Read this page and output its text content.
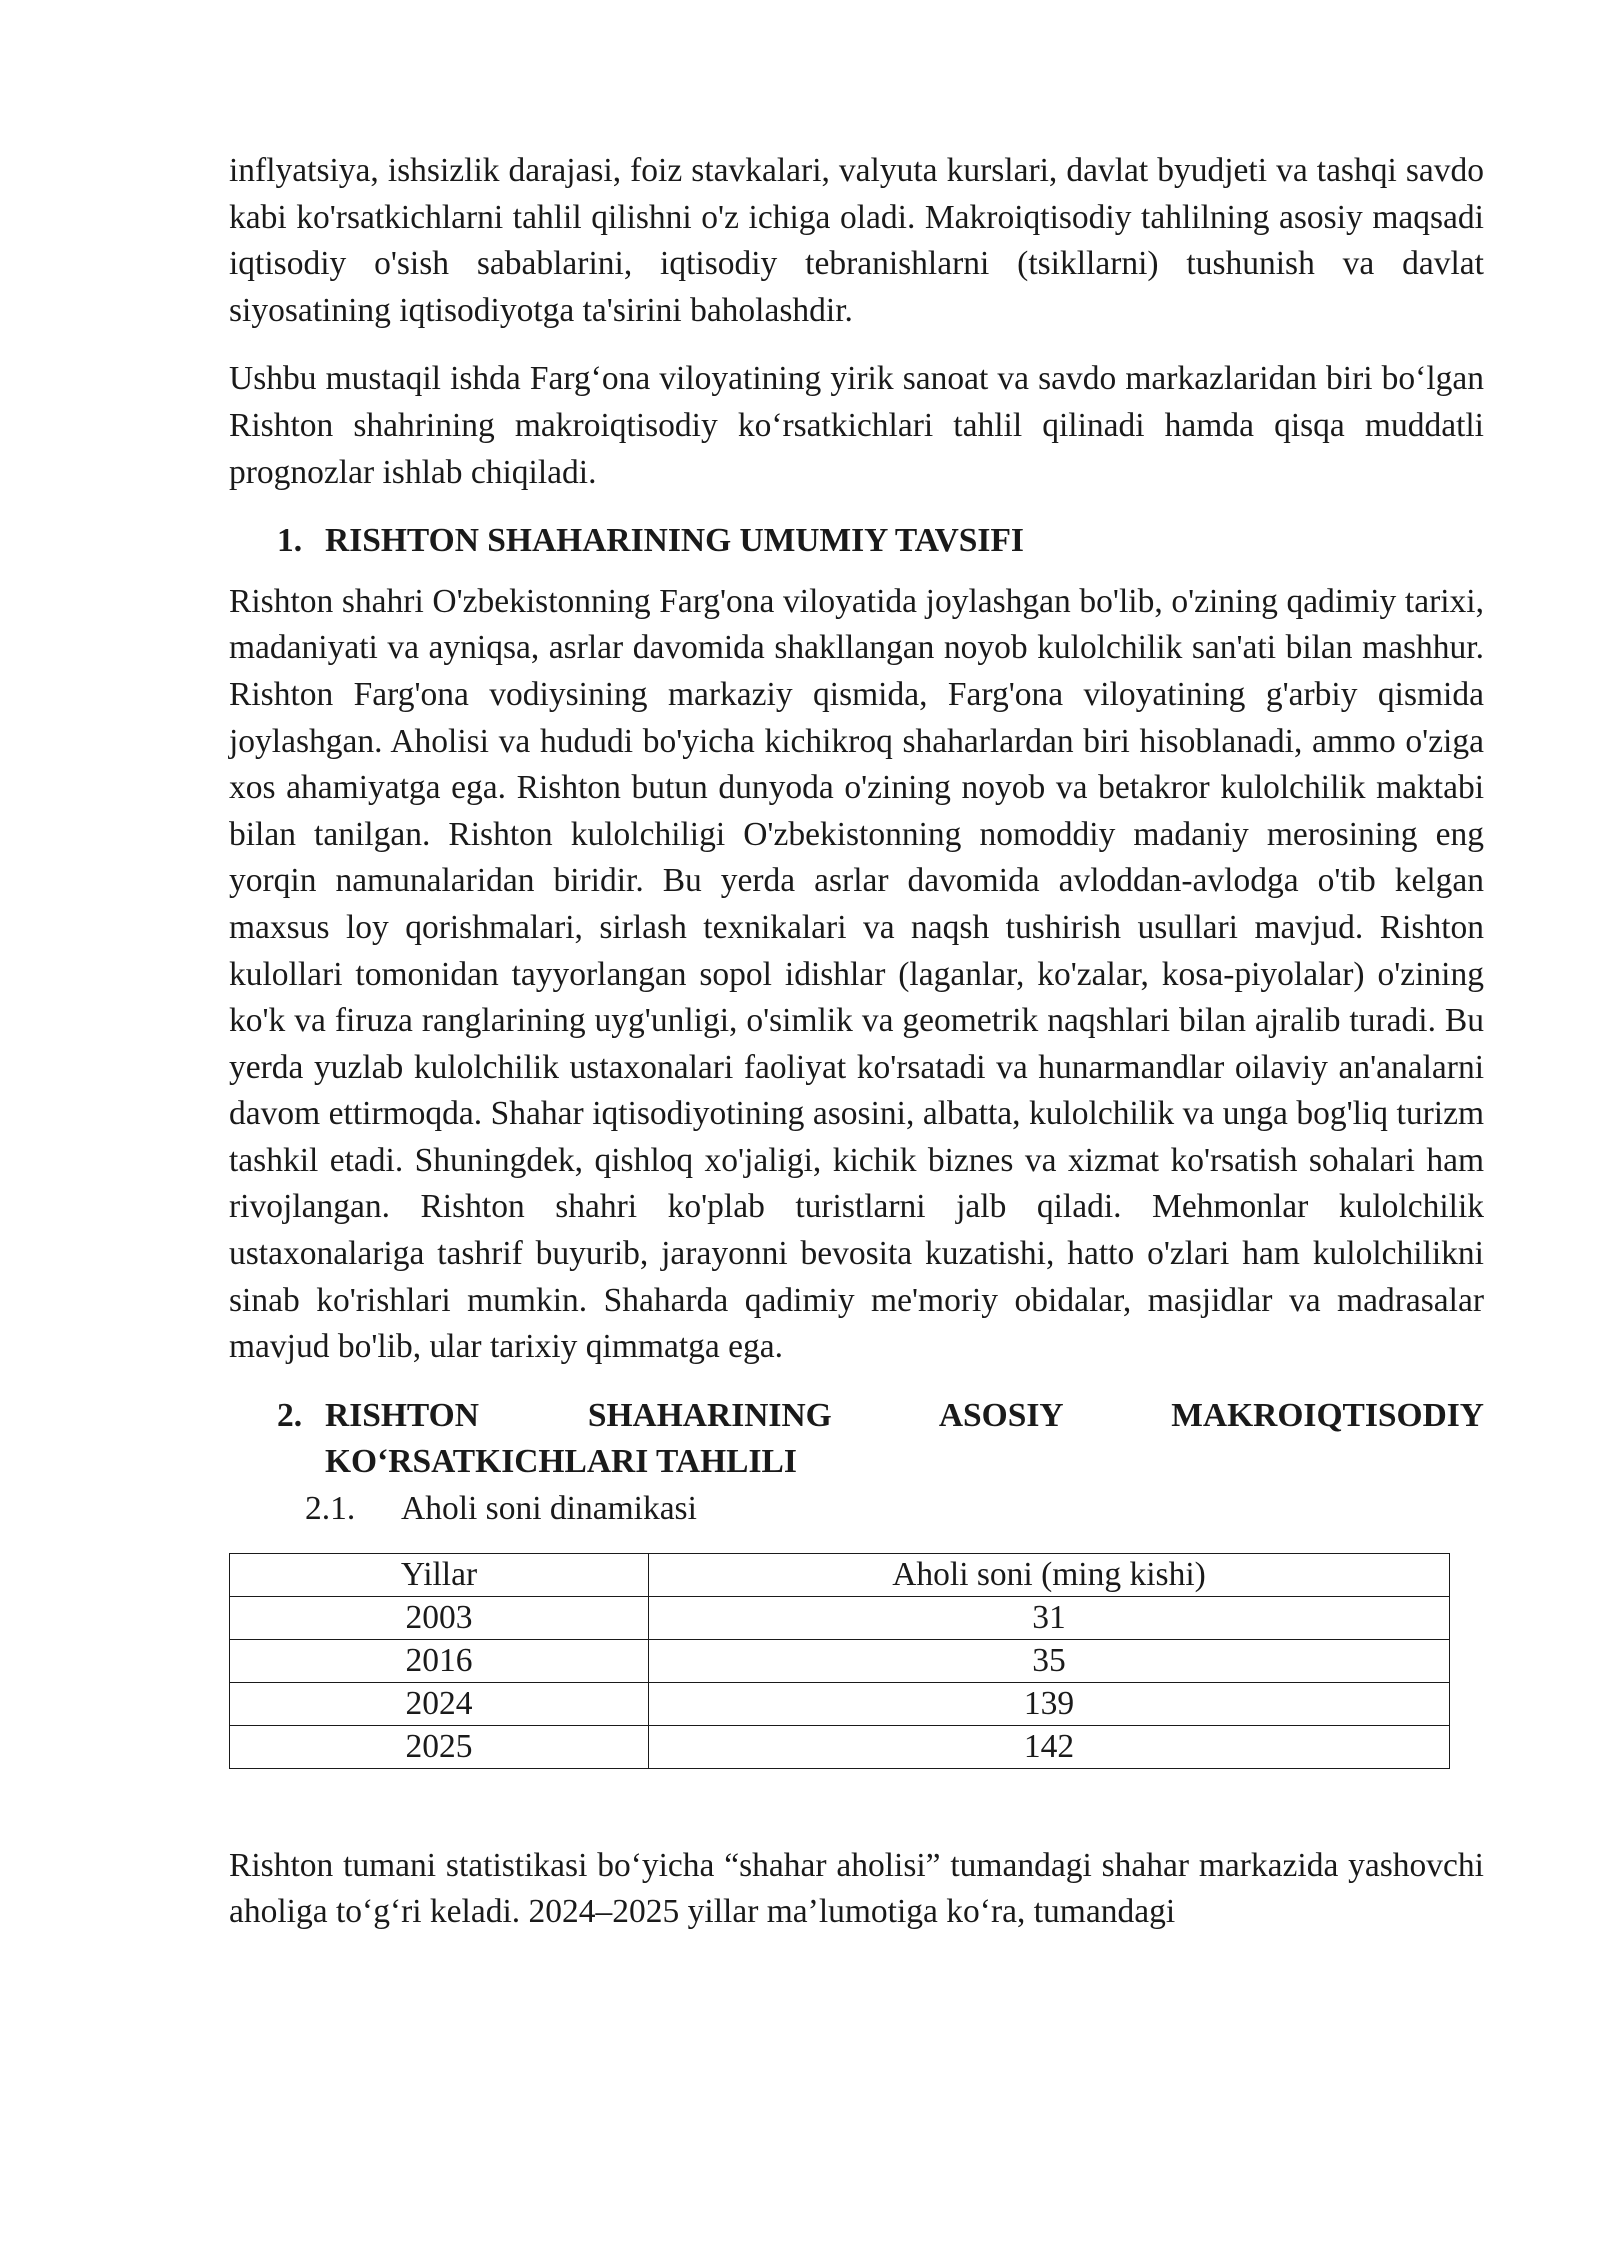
inflyatsiya, ishsizlik darajasi, foiz stavkalari, valyuta kurslari, davlat byudjeti va tashqi savdo kabi ko'rsatkichlarni tahlil qilishni o'z ichiga oladi. Makroiqtisodiy tahlilning asosiy maqsadi iqtisodiy o'sish sabablarini, iqtisodiy tebranishlarni (tsikllarni) tushunish va davlat siyosatining iqtisodiyotga ta'sirini baholashdir.

Ushbu mustaqil ishda Farg‘ona viloyatining yirik sanoat va savdo markazlaridan biri bo‘lgan Rishton shahrining makroiqtisodiy ko‘rsatkichlari tahlil qilinadi hamda qisqa muddatli prognozlar ishlab chiqiladi.

1. RISHTON SHAHARINING UMUMIY TAVSIFI

Rishton shahri O'zbekistonning Farg'ona viloyatida joylashgan bo'lib, o'zining qadimiy tarixi, madaniyati va ayniqsa, asrlar davomida shakllangan noyob kulolchilik san'ati bilan mashhur. Rishton Farg'ona vodiysining markaziy qismida, Farg'ona viloyatining g'arbiy qismida joylashgan. Aholisi va hududi bo'yicha kichikroq shaharlardan biri hisoblanadi, ammo o'ziga xos ahamiyatga ega. Rishton butun dunyoda o'zining noyob va betakror kulolchilik maktabi bilan tanilgan. Rishton kulolchiligi O'zbekistonning nomoddiy madaniy merosining eng yorqin namunalaridan biridir. Bu yerda asrlar davomida avloddan-avlodga o'tib kelgan maxsus loy qorishmalari, sirlash texnikalari va naqsh tushirish usullari mavjud. Rishton kulollari tomonidan tayyorlangan sopol idishlar (laganlar, ko'zalar, kosa-piyolalar) o'zining ko'k va firuza ranglarining uyg'unligi, o'simlik va geometrik naqshlari bilan ajralib turadi. Bu yerda yuzlab kulolchilik ustaxonalari faoliyat ko'rsatadi va hunarmandlar oilaviy an'analarni davom ettirmoqda. Shahar iqtisodiyotining asosini, albatta, kulolchilik va unga bog'liq turizm tashkil etadi. Shuningdek, qishloq xo'jaligi, kichik biznes va xizmat ko'rsatish sohalari ham rivojlangan. Rishton shahri ko'plab turistlarni jalb qiladi. Mehmonlar kulolchilik ustaxonalariga tashrif buyurib, jarayonni bevosita kuzatishi, hatto o'zlari ham kulolchilikni sinab ko'rishlari mumkin. Shaharda qadimiy me'moriy obidalar, masjidlar va madrasalar mavjud bo'lib, ular tarixiy qimmatga ega.

2. RISHTON SHAHARINING ASOSIY MAKROIQTISODIY
KO‘RSATKICHLARI TAHLILI
2.1.	Aholi soni dinamikasi
Yillar	Aholi soni (ming kishi)
2003	31
2016	35
2024	139
2025	142

Rishton tumani statistikasi bo‘yicha “shahar aholisi” tumandagi shahar markazida yashovchi aholiga to‘g‘ri keladi. 2024–2025 yillar ma’lumotiga ko‘ra, tumandagi
